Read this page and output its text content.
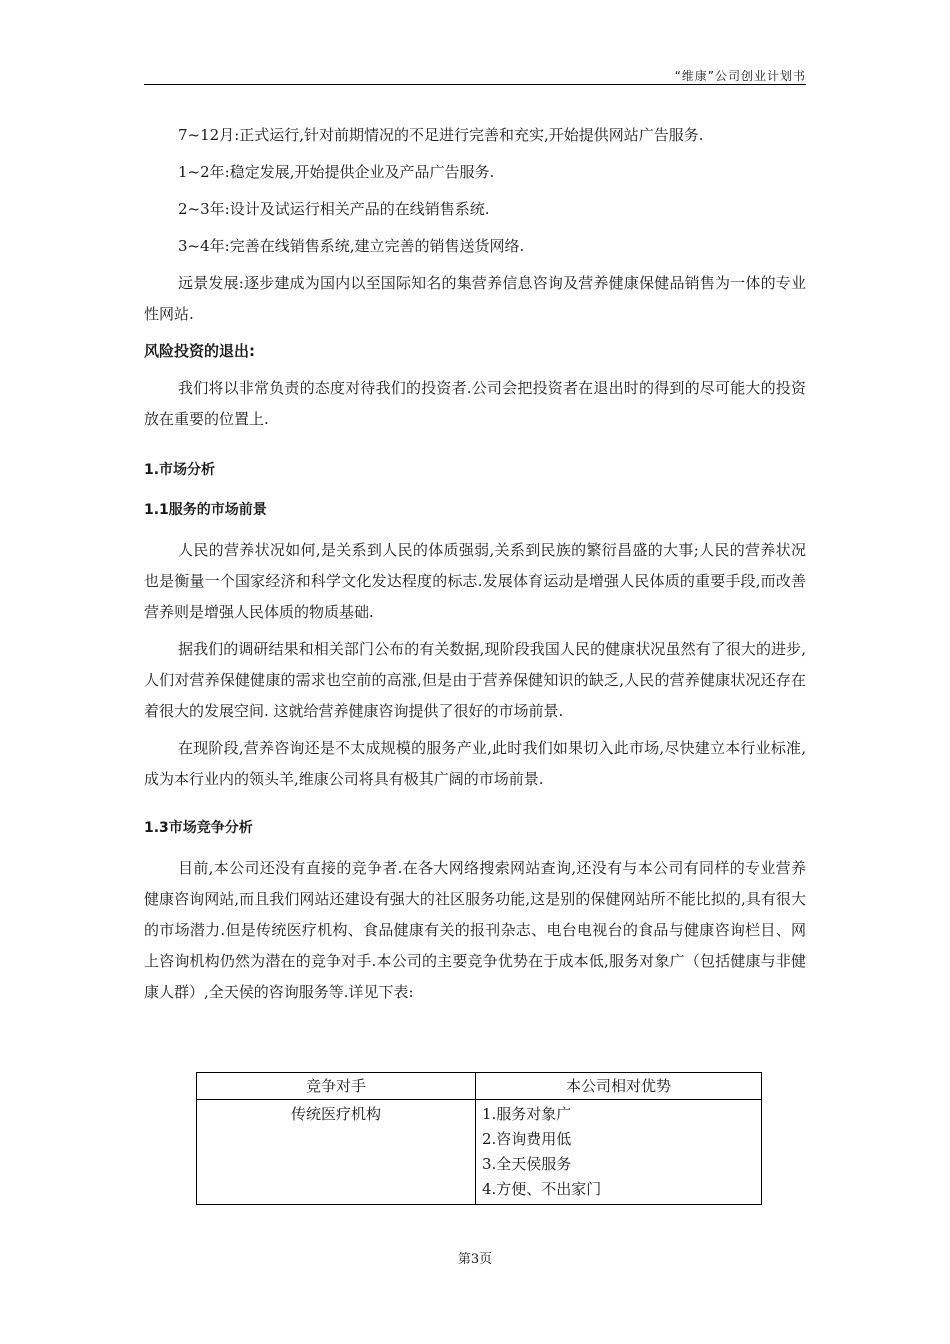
“维康”公司创业计划书

7~12月:正式运行,针对前期情况的不足进行完善和充实,开始提供网站广告服务.

1~2年:稳定发展,开始提供企业及产品广告服务.

2~3年:设计及试运行相关产品的在线销售系统.

3~4年:完善在线销售系统,建立完善的销售送货网络.

远景发展:逐步建成为国内以至国际知名的集营养信息咨询及营养健康保健品销售为一体的专业性网站.

风险投资的退出:

我们将以非常负责的态度对待我们的投资者.公司会把投资者在退出时的得到的尽可能大的投资放在重要的位置上.

1.市场分析
1.1服务的市场前景

人民的营养状况如何,是关系到人民的体质强弱,关系到民族的繁衍昌盛的大事;人民的营养状况也是衡量一个国家经济和科学文化发达程度的标志.发展体育运动是增强人民体质的重要手段,而改善营养则是增强人民体质的物质基础.

据我们的调研结果和相关部门公布的有关数据,现阶段我国人民的健康状况虽然有了很大的进步,人们对营养保健健康的需求也空前的高涨,但是由于营养保健知识的缺乏,人民的营养健康状况还存在着很大的发展空间. 这就给营养健康咨询提供了很好的市场前景.

在现阶段,营养咨询还是不太成规模的服务产业,此时我们如果切入此市场,尽快建立本行业标准,成为本行业内的领头羊,维康公司将具有极其广阔的市场前景.

1.3市场竞争分析

目前,本公司还没有直接的竞争者.在各大网络搜索网站查询,还没有与本公司有同样的专业营养健康咨询网站,而且我们网站还建设有强大的社区服务功能,这是别的保健网站所不能比拟的,具有很大的市场潜力.但是传统医疗机构、食品健康有关的报刊杂志、电台电视台的食品与健康咨询栏目、网上咨询机构仍然为潜在的竞争对手.本公司的主要竞争优势在于成本低,服务对象广（包括健康与非健康人群）,全天侯的咨询服务等.详见下表:

竞争对手	本公司相对优势
传统医疗机构	1.服务对象广
2.咨询费用低
3.全天侯服务
4.方便、不出家门
第3页
